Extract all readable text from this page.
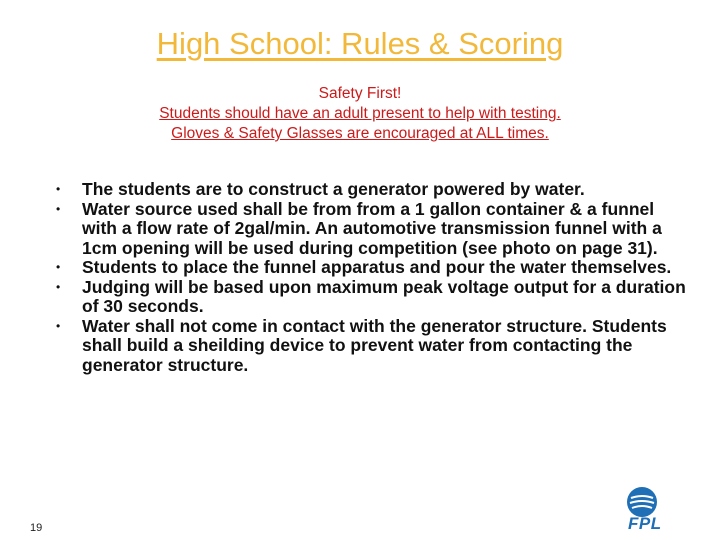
High School: Rules & Scoring
Safety First!
Students should have an adult present to help with testing.
Gloves & Safety Glasses are encouraged at ALL times.
• The students are to construct a generator powered by water.
• Water source used shall be from from a 1 gallon container & a funnel with a flow rate of 2gal/min. An automotive transmission funnel with a 1cm opening will be used during competition (see photo on page 31).
• Students to place the funnel apparatus and pour the water themselves.
• Judging will be based upon maximum peak voltage output for a duration of 30 seconds.
• Water shall not come in contact with the generator structure. Students shall build a sheilding device to prevent water from contacting the generator structure.
19	FPL
